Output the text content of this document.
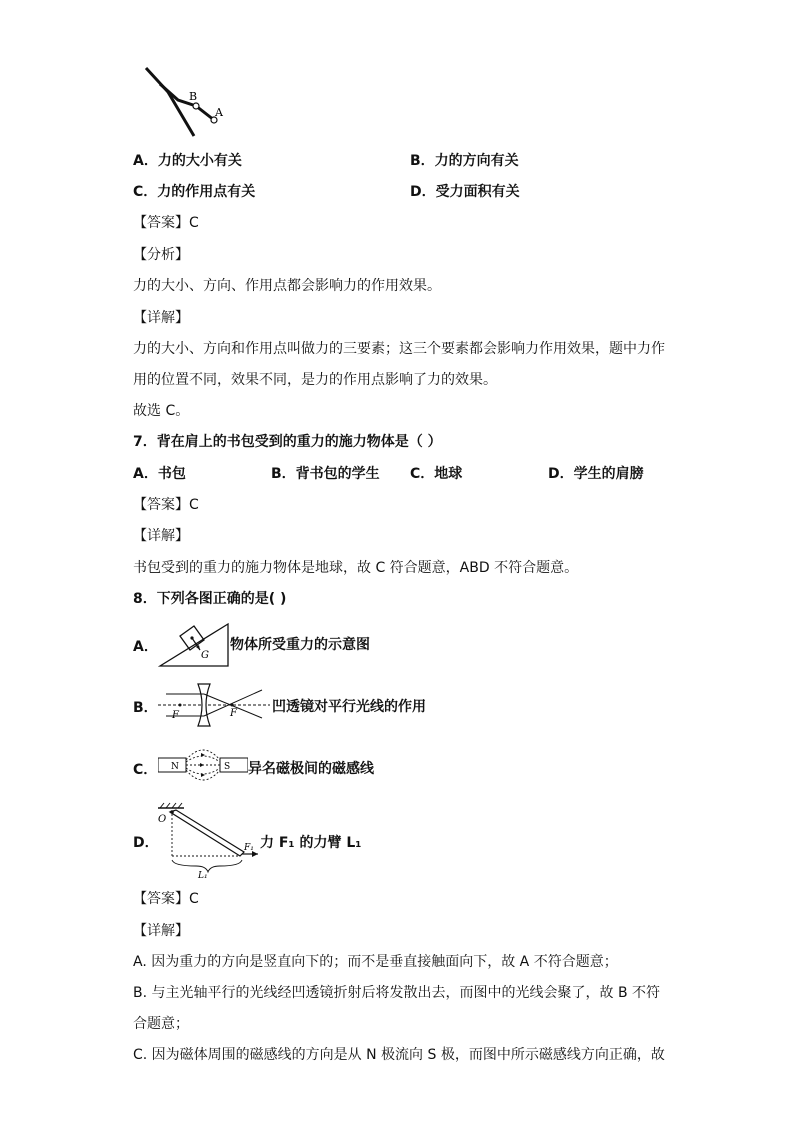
B
A
A．力的大小有关	B．力的方向有关
C．力的作用点有关	D．受力面积有关
【答案】C
【分析】
力的大小、方向、作用点都会影响力的作用效果。
【详解】
力的大小、方向和作用点叫做力的三要素；这三个要素都会影响力作用效果，题中力作
用的位置不同，效果不同，是力的作用点影响了力的效果。
故选 C。
7．背在肩上的书包受到的重力的施力物体是（ ）
A．书包	B．背书包的学生 C．地球	D．学生的肩膀
【答案】C
【详解】
书包受到的重力的施力物体是地球，故 C 符合题意，ABD 不符合题意。
8．下列各图正确的是( )
A．
G
物体所受重力的示意图
B． F	F	凹透镜对平行光线的作用
C． N	S 异名磁极间的磁感线
D．
O
F₁
L₁
力 F₁ 的力臂 L₁
【答案】C
【详解】
A. 因为重力的方向是竖直向下的；而不是垂直接触面向下，故 A 不符合题意；
B. 与主光轴平行的光线经凹透镜折射后将发散出去，而图中的光线会聚了，故 B 不符
合题意；
C. 因为磁体周围的磁感线的方向是从 N 极流向 S 极，而图中所示磁感线方向正确，故
